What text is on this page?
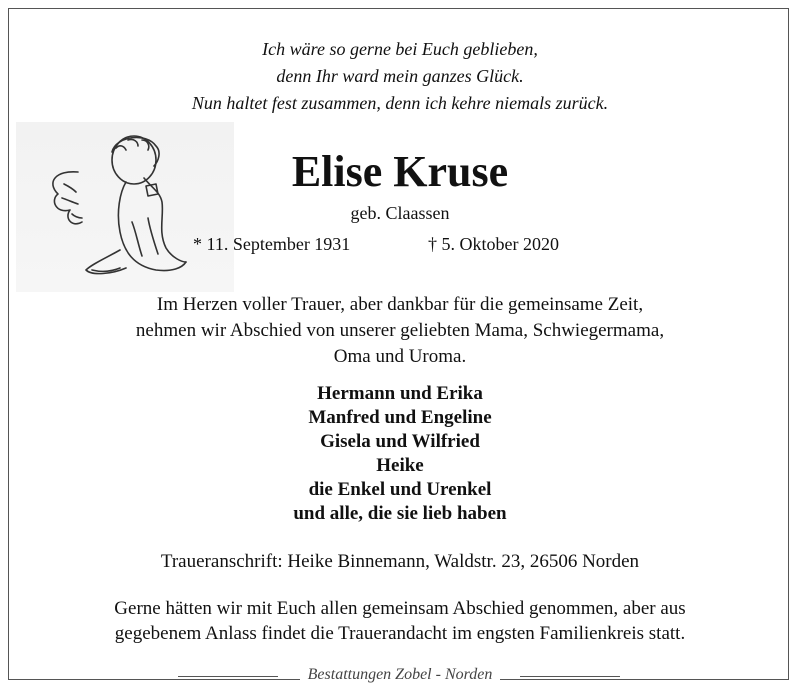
Ich wäre so gerne bei Euch geblieben,
denn Ihr ward mein ganzes Glück.
Nun haltet fest zusammen, denn ich kehre niemals zurück.
Elise Kruse
geb. Claassen
* 11. September 1931	† 5. Oktober 2020
Im Herzen voller Trauer, aber dankbar für die gemeinsame Zeit,
nehmen wir Abschied von unserer geliebten Mama, Schwiegermama,
Oma und Uroma.
Hermann und Erika
Manfred und Engeline
Gisela und Wilfried
Heike
die Enkel und Urenkel
und alle, die sie lieb haben
Traueranschrift: Heike Binnemann, Waldstr. 23, 26506 Norden
Gerne hätten wir mit Euch allen gemeinsam Abschied genommen, aber aus
gegebenem Anlass findet die Trauerandacht im engsten Familienkreis statt.
Bestattungen Zobel - Norden
